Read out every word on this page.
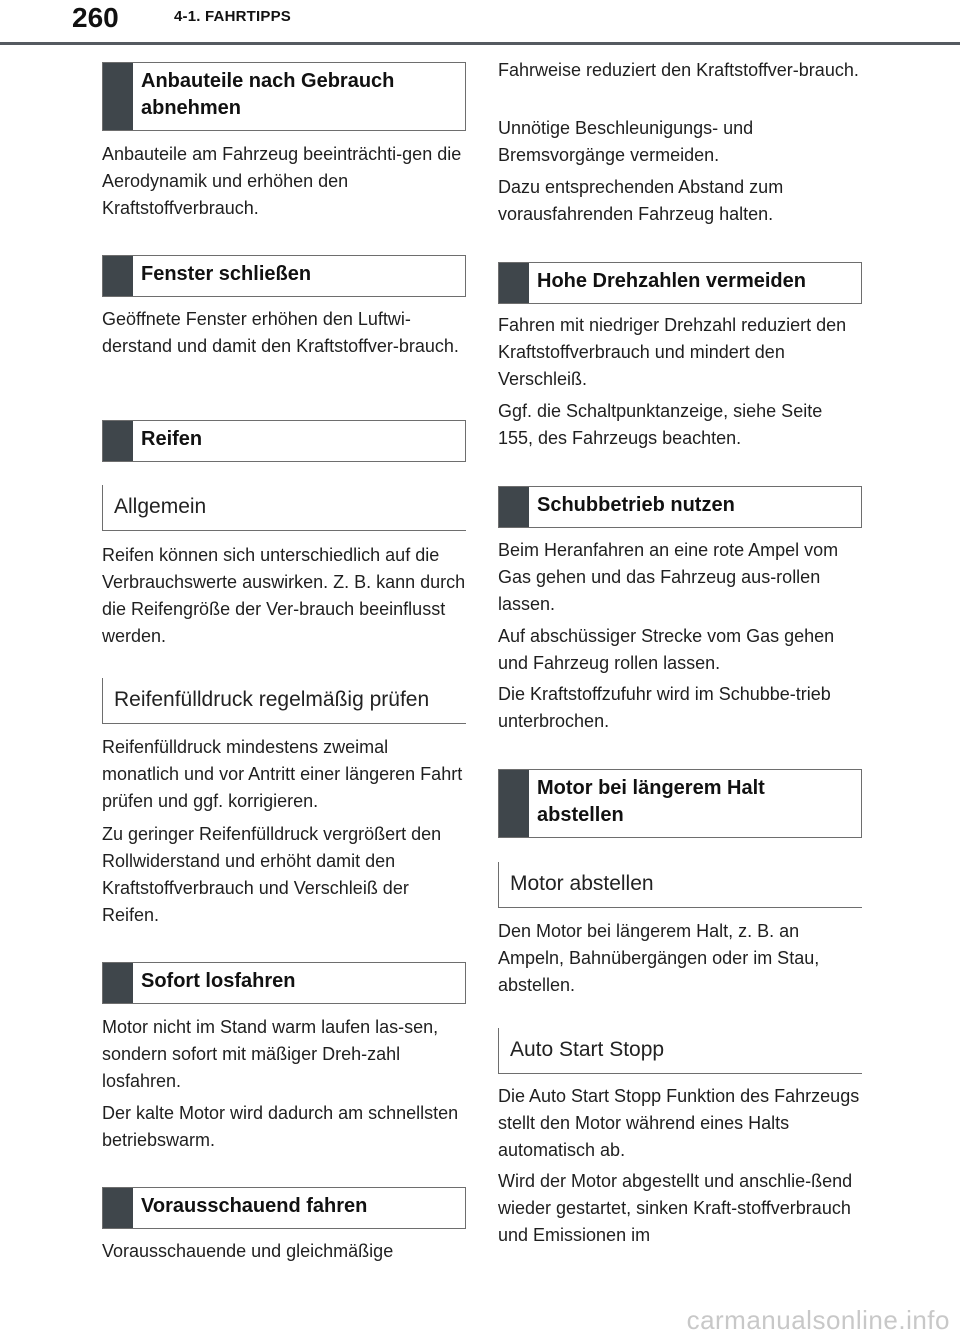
260	4-1. FAHRTIPPS
Anbauteile nach Gebrauch abnehmen

Anbauteile am Fahrzeug beeinträchti-gen die Aerodynamik und erhöhen den Kraftstoffverbrauch.

Fenster schließen

Geöffnete Fenster erhöhen den Luftwi-derstand und damit den Kraftstoffver-brauch.

Reifen
Allgemein

Reifen können sich unterschiedlich auf die Verbrauchswerte auswirken. Z. B. kann durch die Reifengröße der Ver-brauch beeinflusst werden.

Reifenfülldruck regelmäßig prüfen

Reifenfülldruck mindestens zweimal monatlich und vor Antritt einer längeren Fahrt prüfen und ggf. korrigieren.

Zu geringer Reifenfülldruck vergrößert den Rollwiderstand und erhöht damit den Kraftstoffverbrauch und Verschleiß der Reifen.

Sofort losfahren

Motor nicht im Stand warm laufen las-sen, sondern sofort mit mäßiger Dreh-zahl losfahren.

Der kalte Motor wird dadurch am schnellsten betriebswarm.

Vorausschauend fahren

Vorausschauende und gleichmäßige

Fahrweise reduziert den Kraftstoffver-brauch.

Unnötige Beschleunigungs- und Bremsvorgänge vermeiden.

Dazu entsprechenden Abstand zum vorausfahrenden Fahrzeug halten.

Hohe Drehzahlen vermeiden

Fahren mit niedriger Drehzahl reduziert den Kraftstoffverbrauch und mindert den Verschleiß.

Ggf. die Schaltpunktanzeige, siehe Seite 155, des Fahrzeugs beachten.

Schubbetrieb nutzen

Beim Heranfahren an eine rote Ampel vom Gas gehen und das Fahrzeug aus-rollen lassen.

Auf abschüssiger Strecke vom Gas gehen und Fahrzeug rollen lassen.

Die Kraftstoffzufuhr wird im Schubbe-trieb unterbrochen.

Motor bei längerem Halt abstellen
Motor abstellen

Den Motor bei längerem Halt, z. B. an Ampeln, Bahnübergängen oder im Stau, abstellen.

Auto Start Stopp

Die Auto Start Stopp Funktion des Fahrzeugs stellt den Motor während eines Halts automatisch ab.

Wird der Motor abgestellt und anschlie-ßend wieder gestartet, sinken Kraft-stoffverbrauch und Emissionen im

carmanualsonline.info
